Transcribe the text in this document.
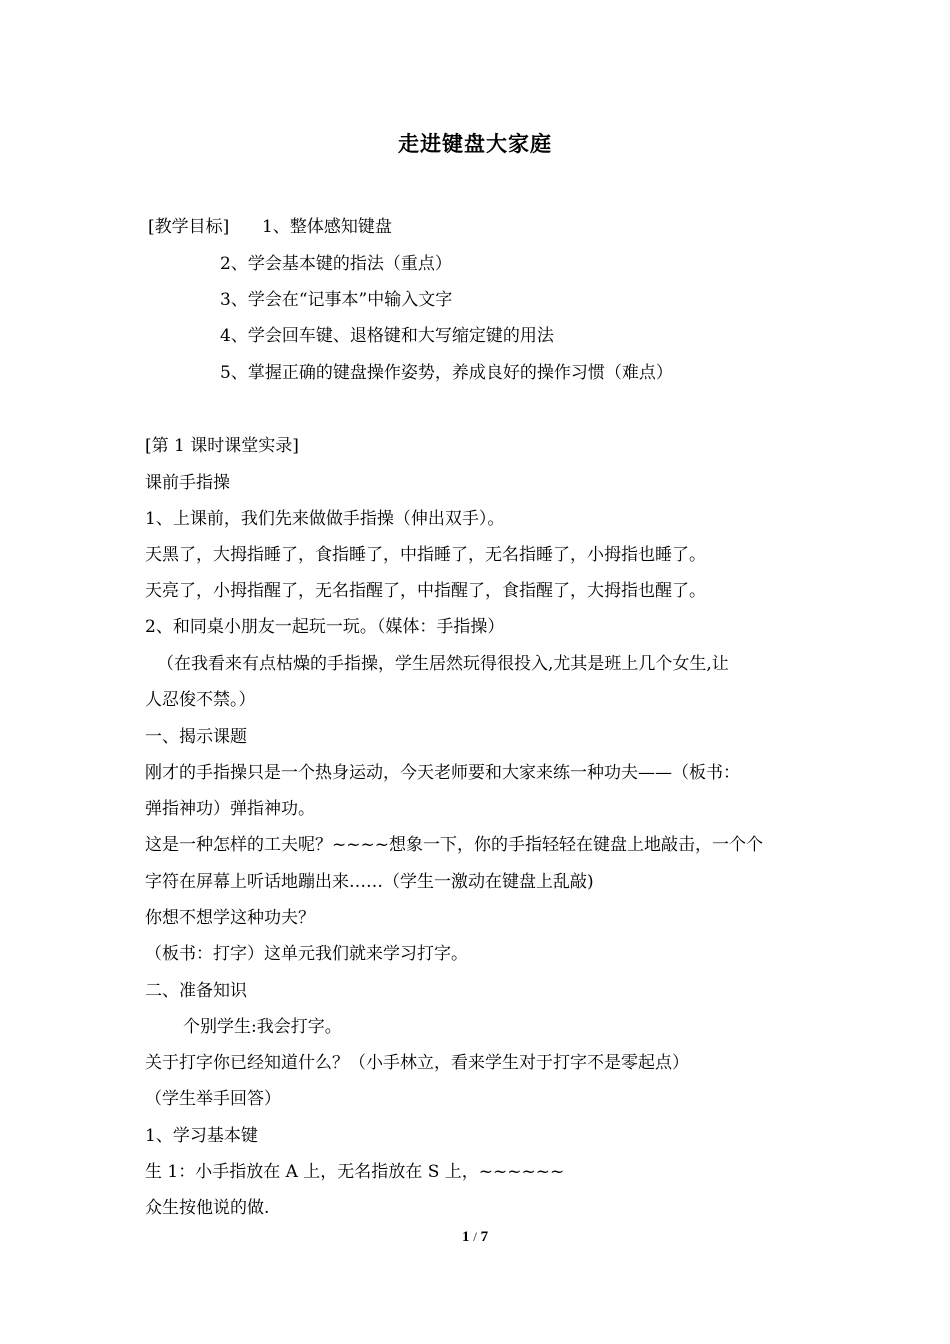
走进键盘大家庭
[教学目标] 1、整体感知键盘
2、学会基本键的指法（重点）
3、学会在“记事本”中输入文字
4、学会回车键、退格键和大写缩定键的用法
5、掌握正确的键盘操作姿势，养成良好的操作习惯（难点）
[第 1 课时课堂实录]
课前手指操
1、上课前，我们先来做做手指操（伸出双手）。
天黑了，大拇指睡了，食指睡了，中指睡了，无名指睡了，小拇指也睡了。
天亮了，小拇指醒了，无名指醒了，中指醒了，食指醒了，大拇指也醒了。
2、和同桌小朋友一起玩一玩。（媒体：手指操）
（在我看来有点枯燥的手指操，学生居然玩得很投入,尤其是班上几个女生,让
人忍俊不禁。）
一、揭示课题
刚才的手指操只是一个热身运动，今天老师要和大家来练一种功夫——（板书：
弹指神功）弹指神功。
这是一种怎样的工夫呢？~~~~想象一下，你的手指轻轻在键盘上地敲击，一个个
字符在屏幕上听话地蹦出来……（学生一激动在键盘上乱敲)
你想不想学这种功夫？
（板书：打字）这单元我们就来学习打字。
二、准备知识
个别学生:我会打字。
关于打字你已经知道什么？（小手林立，看来学生对于打字不是零起点）
（学生举手回答）
1、学习基本键
生 1：小手指放在 A 上，无名指放在 S 上，~~~~~~
众生按他说的做.
1 / 7
